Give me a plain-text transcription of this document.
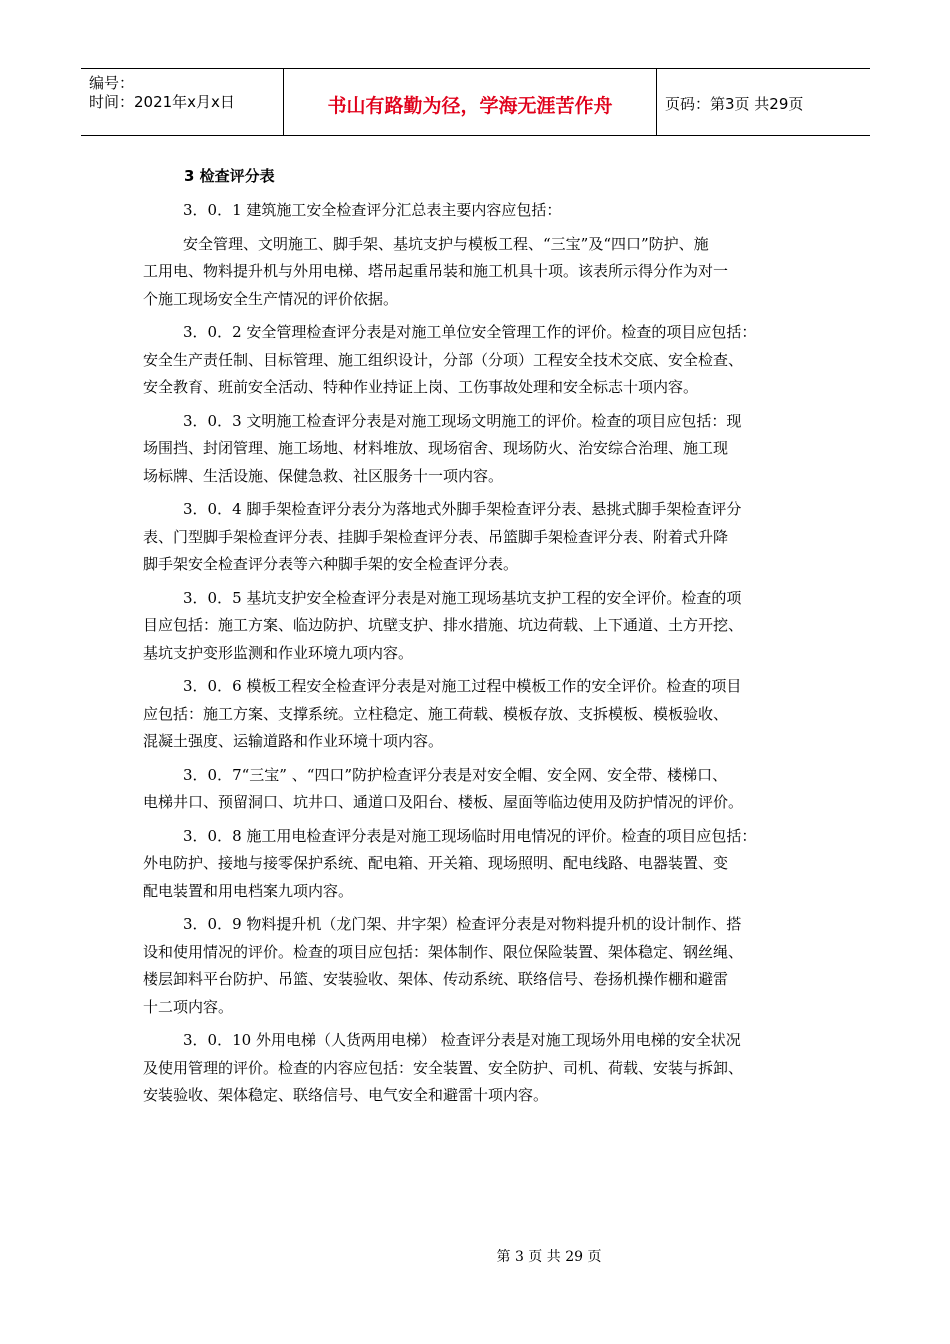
编号：
时间：2021年x月x日	书山有路勤为径，学海无涯苦作舟	页码：第3页 共29页
3 检查评分表

3．0．1 建筑施工安全检查评分汇总表主要内容应包括：

安全管理、文明施工、脚手架、基坑支护与模板工程、“三宝”及“四口”防护、施
工用电、物料提升机与外用电梯、塔吊起重吊装和施工机具十项。该表所示得分作为对一
个施工现场安全生产情况的评价依据。

3．0．2 安全管理检查评分表是对施工单位安全管理工作的评价。检查的项目应包括：
安全生产责任制、目标管理、施工组织设计，分部（分项）工程安全技术交底、安全检查、
安全教育、班前安全活动、特种作业持证上岗、工伤事故处理和安全标志十项内容。

3．0．3 文明施工检查评分表是对施工现场文明施工的评价。检查的项目应包括：现
场围挡、封闭管理、施工场地、材料堆放、现场宿舍、现场防火、治安综合治理、施工现
场标牌、生活设施、保健急救、社区服务十一项内容。

3．0．4 脚手架检查评分表分为落地式外脚手架检查评分表、悬挑式脚手架检查评分
表、门型脚手架检查评分表、挂脚手架检查评分表、吊篮脚手架检查评分表、附着式升降
脚手架安全检查评分表等六种脚手架的安全检查评分表。

3．0．5 基坑支护安全检查评分表是对施工现场基坑支护工程的安全评价。检查的项
目应包括：施工方案、临边防护、坑壁支护、排水措施、坑边荷载、上下通道、土方开挖、
基坑支护变形监测和作业环境九项内容。

3．0．6 模板工程安全检查评分表是对施工过程中模板工作的安全评价。检查的项目
应包括：施工方案、支撑系统。立柱稳定、施工荷载、模板存放、支拆模板、模板验收、
混凝土强度、运输道路和作业环境十项内容。

3．0．7“三宝” 、“四口”防护检查评分表是对安全帽、安全网、安全带、楼梯口、
电梯井口、预留洞口、坑井口、通道口及阳台、楼板、屋面等临边使用及防护情况的评价。

3．0．8 施工用电检查评分表是对施工现场临时用电情况的评价。检查的项目应包括：
外电防护、接地与接零保护系统、配电箱、开关箱、现场照明、配电线路、电器装置、变
配电装置和用电档案九项内容。

3．0．9 物料提升机（龙门架、井字架）检查评分表是对物料提升机的设计制作、搭
设和使用情况的评价。检查的项目应包括：架体制作、限位保险装置、架体稳定、钢丝绳、
楼层卸料平台防护、吊篮、安装验收、架体、传动系统、联络信号、卷扬机操作棚和避雷
十二项内容。

3．0．10 外用电梯（人货两用电梯） 检查评分表是对施工现场外用电梯的安全状况
及使用管理的评价。检查的内容应包括：安全装置、安全防护、司机、荷载、安装与拆卸、
安装验收、架体稳定、联络信号、电气安全和避雷十项内容。

第 3 页 共 29 页
